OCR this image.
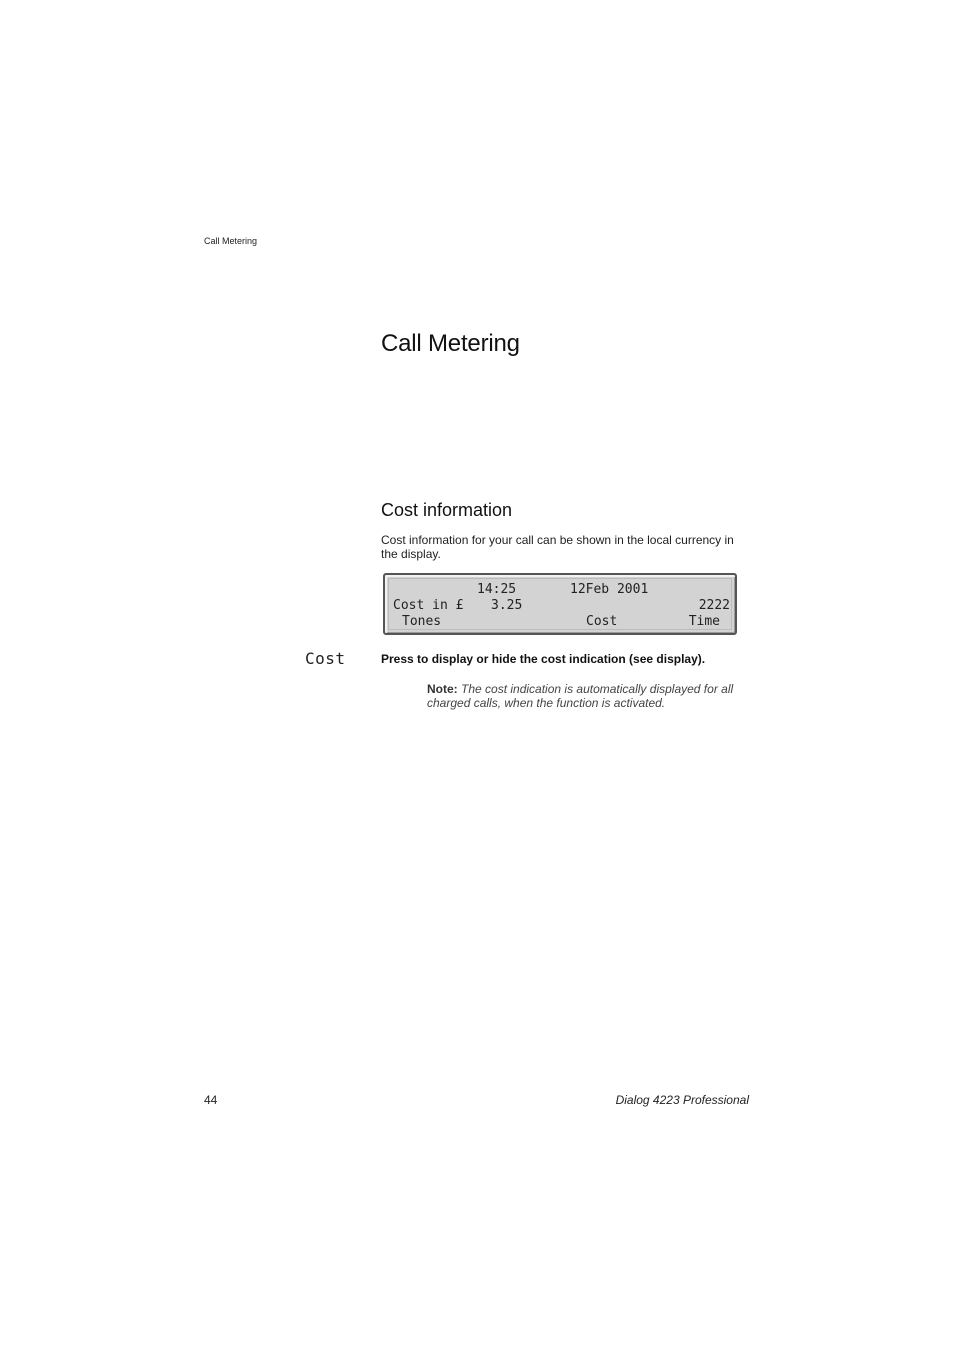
Call Metering
Call Metering
Cost information

Cost information for your call can be shown in the local currency in the display.

14:25	12Feb 2001
Cost in £ 3.25	2222
Tones	Cost	Time
Cost	Press to display or hide the cost indication (see display).

Note: The cost indication is automatically displayed for all charged calls, when the function is activated.

44	Dialog 4223 Professional
